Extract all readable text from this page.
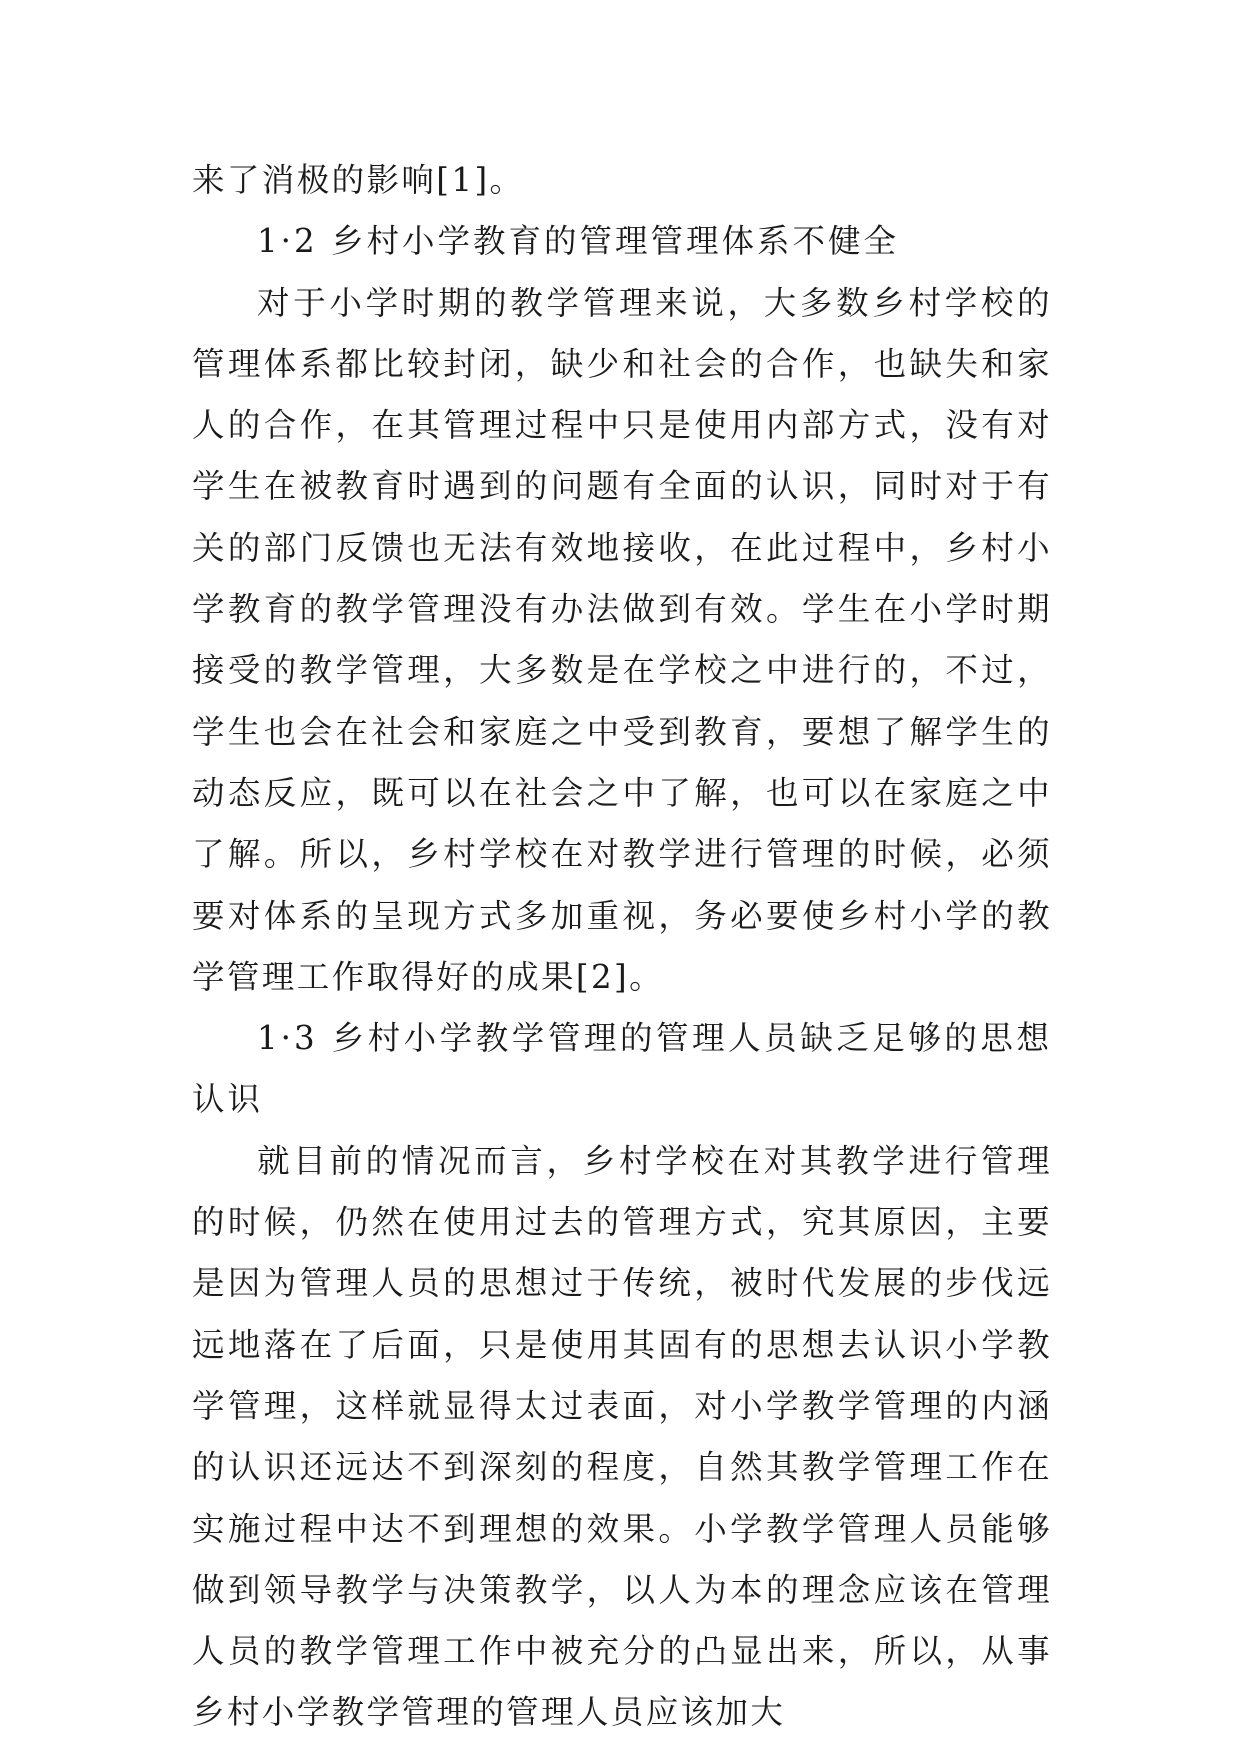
来了消极的影响[1]。

1·2 乡村小学教育的管理管理体系不健全

对于小学时期的教学管理来说，大多数乡村学校的管理体系都比较封闭，缺少和社会的合作，也缺失和家人的合作，在其管理过程中只是使用内部方式，没有对学生在被教育时遇到的问题有全面的认识，同时对于有关的部门反馈也无法有效地接收，在此过程中，乡村小学教育的教学管理没有办法做到有效。学生在小学时期接受的教学管理，大多数是在学校之中进行的，不过，学生也会在社会和家庭之中受到教育，要想了解学生的动态反应，既可以在社会之中了解，也可以在家庭之中了解。所以，乡村学校在对教学进行管理的时候，必须要对体系的呈现方式多加重视，务必要使乡村小学的教学管理工作取得好的成果[2]。

1·3 乡村小学教学管理的管理人员缺乏足够的思想认识

就目前的情况而言，乡村学校在对其教学进行管理的时候，仍然在使用过去的管理方式，究其原因，主要是因为管理人员的思想过于传统，被时代发展的步伐远远地落在了后面，只是使用其固有的思想去认识小学教学管理，这样就显得太过表面，对小学教学管理的内涵的认识还远达不到深刻的程度，自然其教学管理工作在实施过程中达不到理想的效果。小学教学管理人员能够做到领导教学与决策教学，以人为本的理念应该在管理人员的教学管理工作中被充分的凸显出来，所以，从事乡村小学教学管理的管理人员应该加大
